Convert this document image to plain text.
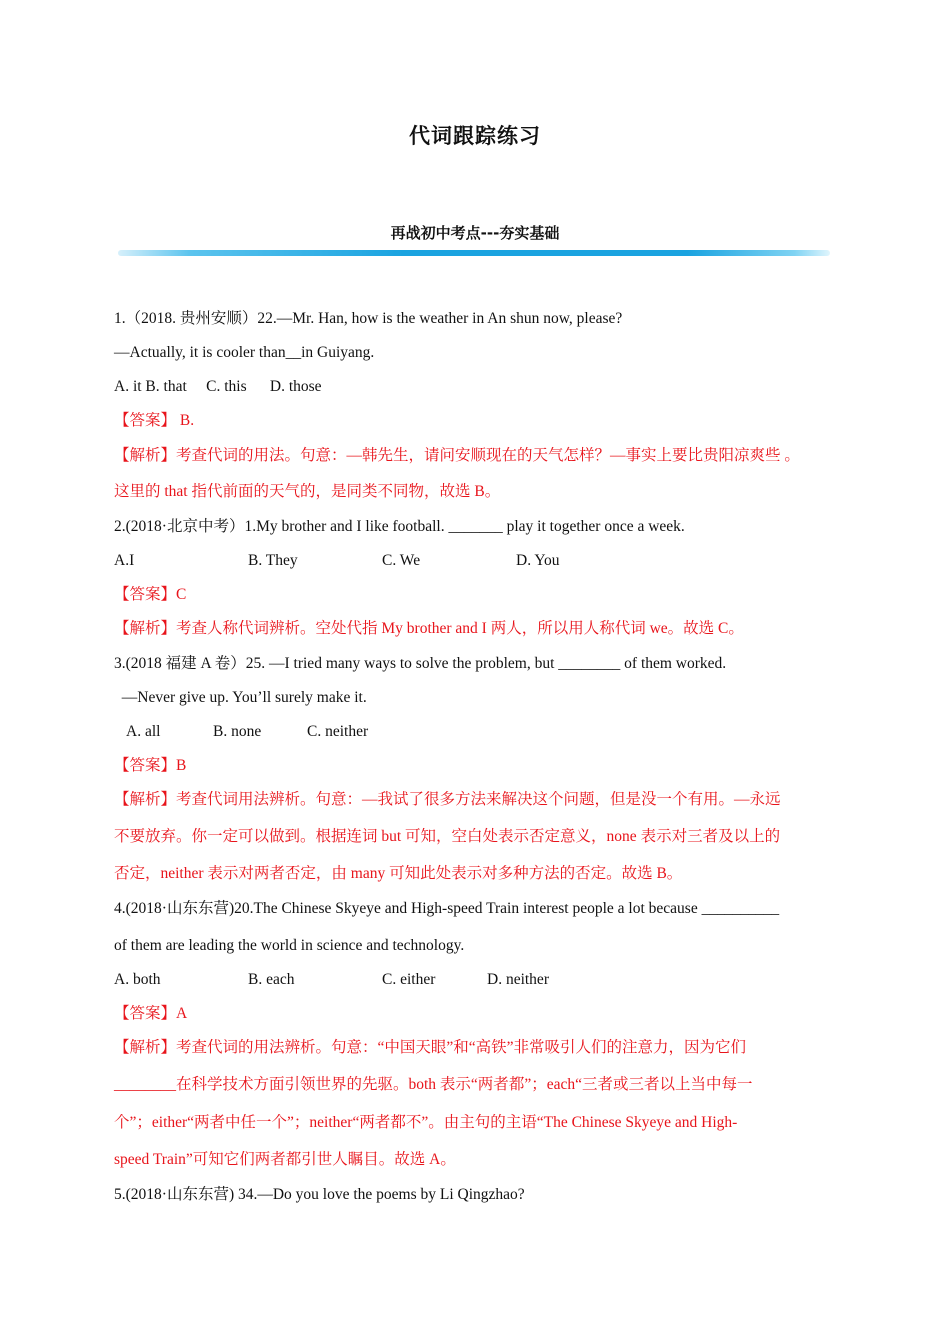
代词跟踪练习
再战初中考点---夯实基础
1.（2018. 贵州安顺）22.—Mr. Han, how is the weather in An shun now, please?
—Actually, it is cooler than__in Guiyang.
A. it B. that     C. this      D. those
【答案】 B.
【解析】考查代词的用法。句意：—韩先生，请问安顺现在的天气怎样？—事实上要比贵阳凉爽些 。
这里的 that 指代前面的天气的，是同类不同物，故选 B。
2.(2018·北京中考）1.My brother and I like football. _______ play it together once a week.
A.I	B. They	C. We	D. You
【答案】C
【解析】考查人称代词辨析。空处代指 My brother and I 两人，所以用人称代词 we。故选 C。
3.(2018 福建 A 卷）25. —I tried many ways to solve the problem, but ________ of them worked.
—Never give up. You’ll surely make it.
A. all	B. none	C. neither
【答案】B
【解析】考查代词用法辨析。句意：—我试了很多方法来解决这个问题，但是没一个有用。—永远
不要放弃。你一定可以做到。根据连词 but 可知，空白处表示否定意义，none 表示对三者及以上的
否定，neither 表示对两者否定，由 many 可知此处表示对多种方法的否定。故选 B。
4.(2018·山东东营)20.The Chinese Skyeye and High-speed Train interest people a lot because __________
of them are leading the world in science and technology.
A. both	B. each	C. either	D. neither
【答案】A
【解析】考查代词的用法辨析。句意：“中国天眼”和“高铁”非常吸引人们的注意力，因为它们
________在科学技术方面引领世界的先驱。both 表示“两者都”；each“三者或三者以上当中每一
个”；either“两者中任一个”；neither“两者都不”。由主句的主语“The Chinese Skyeye and High-
speed Train”可知它们两者都引世人瞩目。故选 A。
5.(2018·山东东营) 34.—Do you love the poems by Li Qingzhao?
